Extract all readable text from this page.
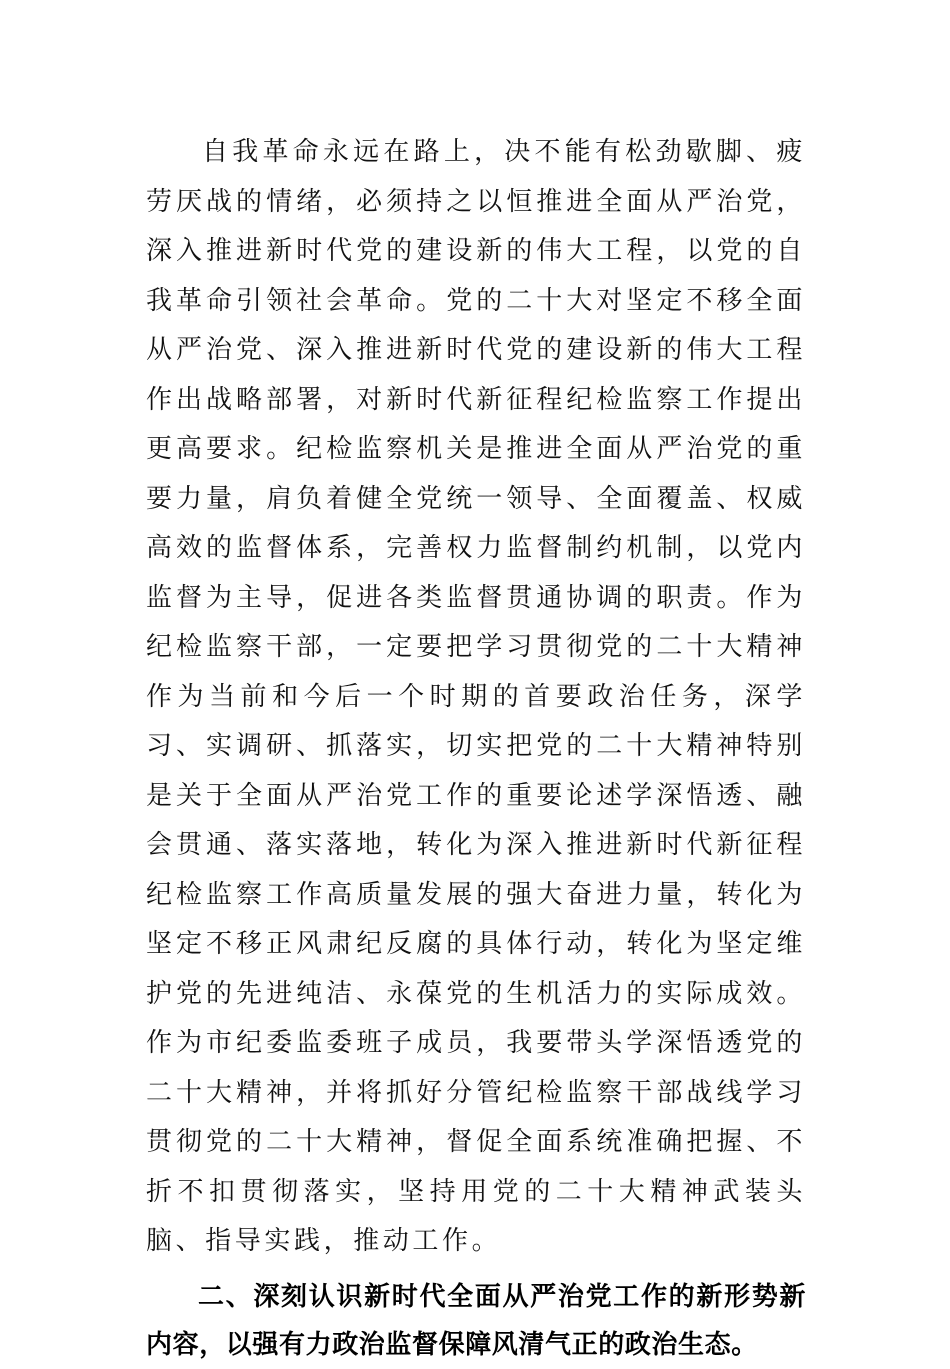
自我革命永远在路上，决不能有松劲歇脚、疲劳厌战的情绪，必须持之以恒推进全面从严治党，深入推进新时代党的建设新的伟大工程，以党的自我革命引领社会革命。党的二十大对坚定不移全面从严治党、深入推进新时代党的建设新的伟大工程作出战略部署，对新时代新征程纪检监察工作提出更高要求。纪检监察机关是推进全面从严治党的重要力量，肩负着健全党统一领导、全面覆盖、权威高效的监督体系，完善权力监督制约机制，以党内监督为主导，促进各类监督贯通协调的职责。作为纪检监察干部，一定要把学习贯彻党的二十大精神作为当前和今后一个时期的首要政治任务，深学习、实调研、抓落实，切实把党的二十大精神特别是关于全面从严治党工作的重要论述学深悟透、融会贯通、落实落地，转化为深入推进新时代新征程纪检监察工作高质量发展的强大奋进力量，转化为坚定不移正风肃纪反腐的具体行动，转化为坚定维护党的先进纯洁、永葆党的生机活力的实际成效。作为市纪委监委班子成员，我要带头学深悟透党的二十大精神，并将抓好分管纪检监察干部战线学习贯彻党的二十大精神，督促全面系统准确把握、不折不扣贯彻落实，坚持用党的二十大精神武装头脑、指导实践，推动工作。

二、深刻认识新时代全面从严治党工作的新形势新内容，以强有力政治监督保障风清气正的政治生态。
